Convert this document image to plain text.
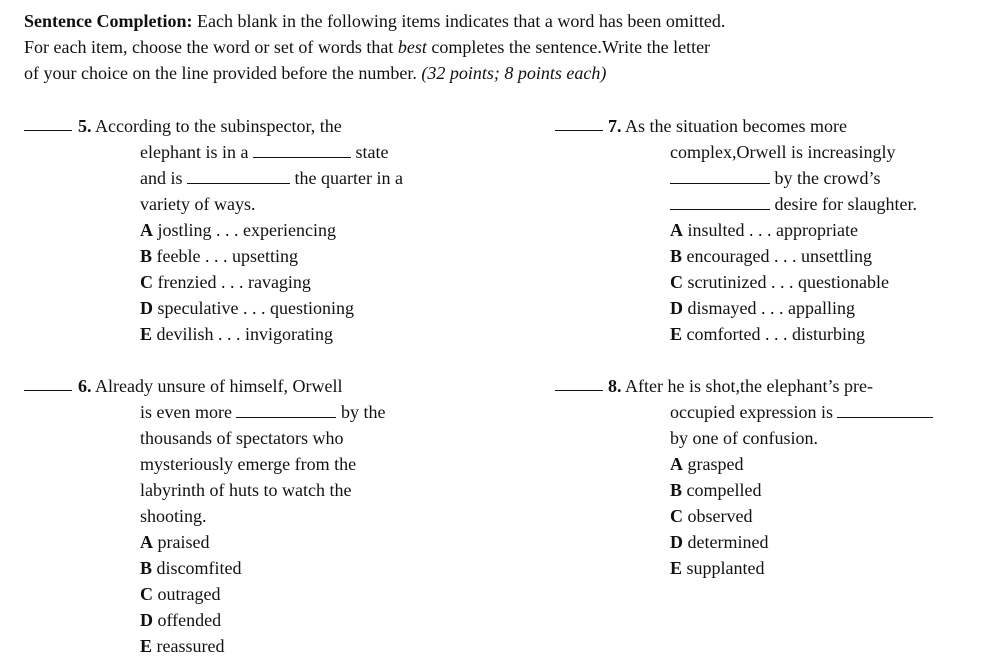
Sentence Completion: Each blank in the following items indicates that a word has been omitted.
For each item, choose the word or set of words that best completes the sentence.Write the letter
of your choice on the line provided before the number. (32 points; 8 points each)
5. According to the subinspector, the
elephant is in a	state
and is	the quarter in a
variety of ways.
A jostling . . . experiencing
B feeble . . . upsetting
C frenzied . . . ravaging
D speculative . . . questioning
E devilish . . . invigorating
6. Already unsure of himself, Orwell
is even more	by the
thousands of spectators who
mysteriously emerge from the
labyrinth of huts to watch the
shooting.
A praised
B discomfited
C outraged
D offended
E reassured
7. As the situation becomes more
complex,Orwell is increasingly
by the crowd’s
desire for slaughter.
A insulted . . . appropriate
B encouraged . . . unsettling
C scrutinized . . . questionable
D dismayed . . . appalling
E comforted . . . disturbing
8. After he is shot,the elephant’s pre-
occupied expression is
by one of confusion.
A grasped
B compelled
C observed
D determined
E supplanted
